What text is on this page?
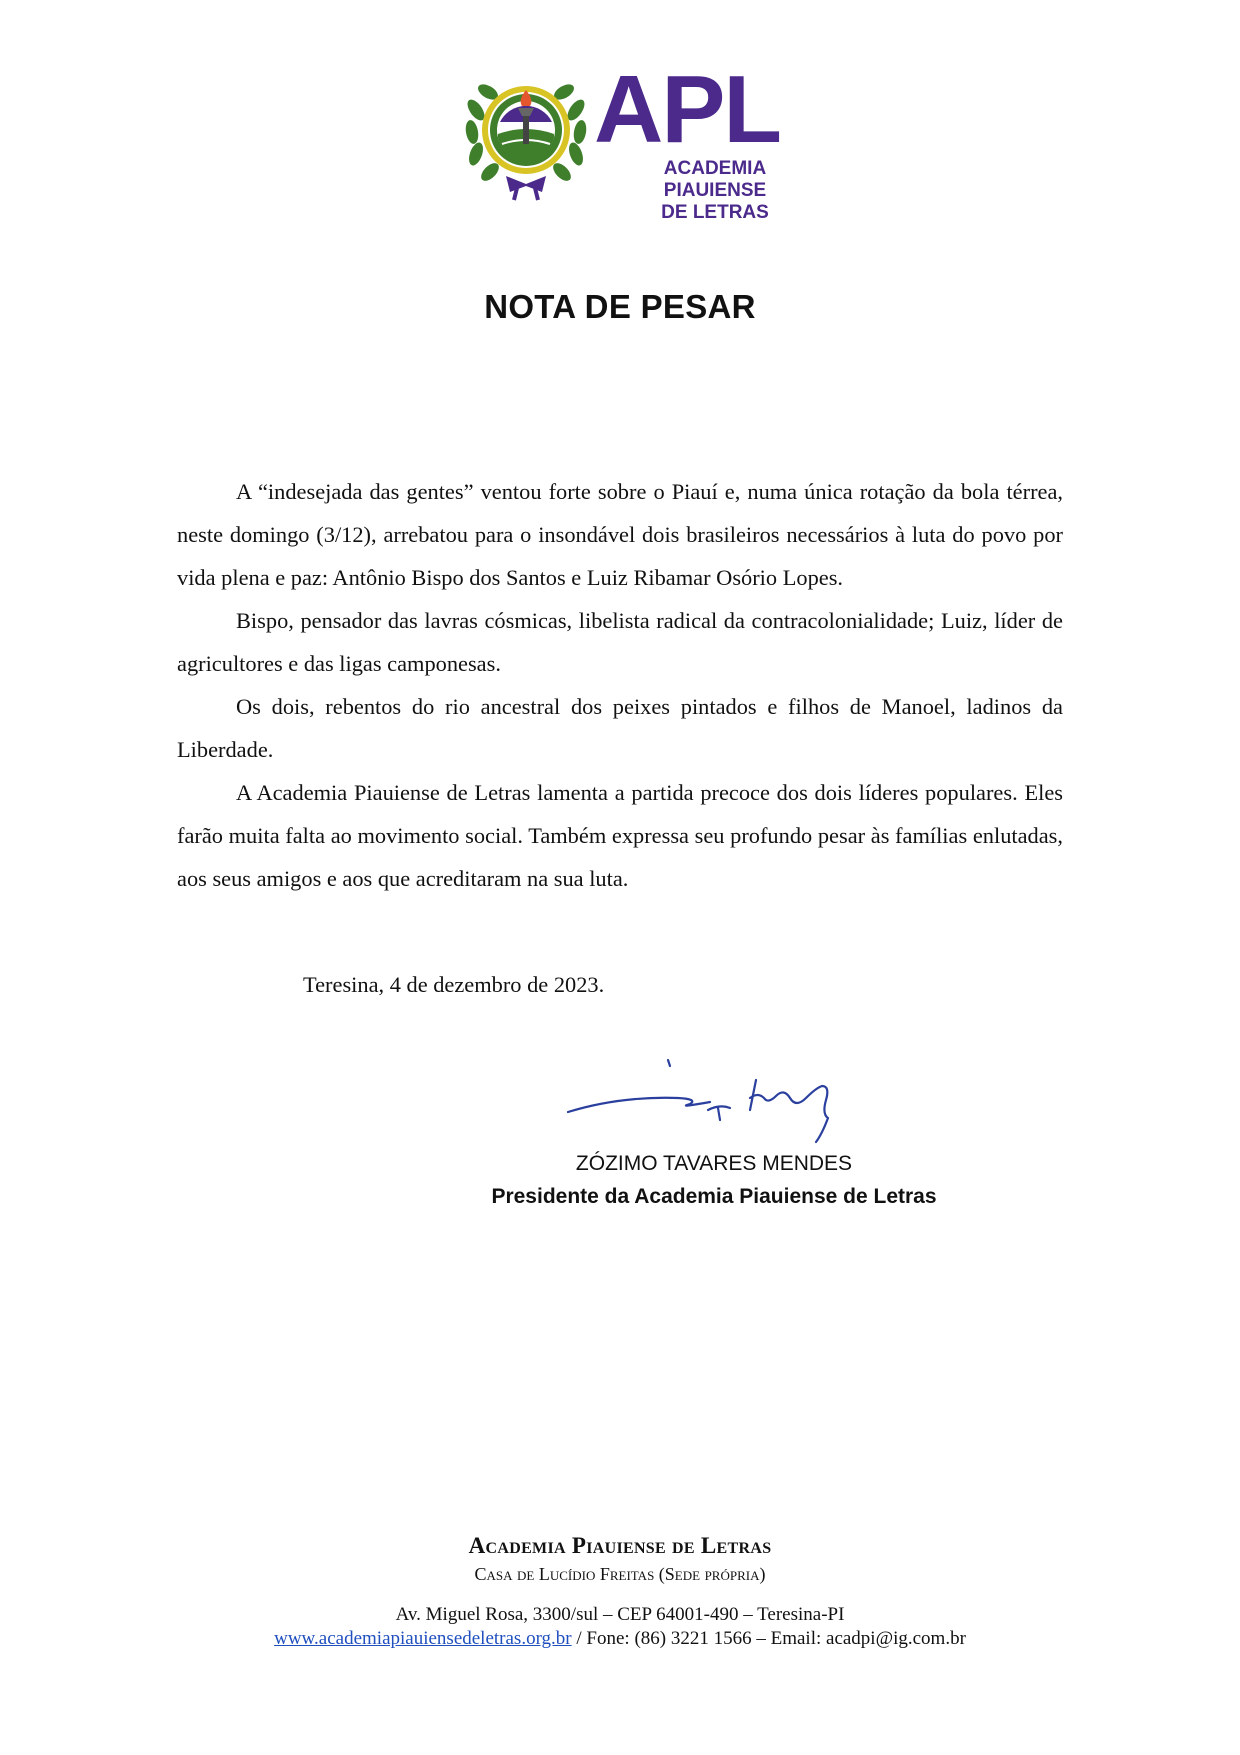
APL
ACADEMIA PIAUIENSE
DE LETRAS
NOTA DE PESAR

A “indesejada das gentes” ventou forte sobre o Piauí e, numa única rotação da bola térrea, neste domingo (3/12), arrebatou para o insondável dois brasileiros necessários à luta do povo por vida plena e paz: Antônio Bispo dos Santos e Luiz Ribamar Osório Lopes.

Bispo, pensador das lavras cósmicas, libelista radical da contracolonialidade; Luiz, líder de agricultores e das ligas camponesas.

Os dois, rebentos do rio ancestral dos peixes pintados e filhos de Manoel, ladinos da Liberdade.

A Academia Piauiense de Letras lamenta a partida precoce dos dois líderes populares. Eles farão muita falta ao movimento social. Também expressa seu profundo pesar às famílias enlutadas, aos seus amigos e aos que acreditaram na sua luta.

Teresina, 4 de dezembro de 2023.
ZÓZIMO TAVARES MENDES
Presidente da Academia Piauiense de Letras
Academia Piauiense de Letras
Casa de Lucídio Freitas (Sede própria)
Av. Miguel Rosa, 3300/sul – CEP 64001-490 – Teresina-PI
www.academiapiauiensedeletras.org.br / Fone: (86) 3221 1566 – Email: acadpi@ig.com.br
